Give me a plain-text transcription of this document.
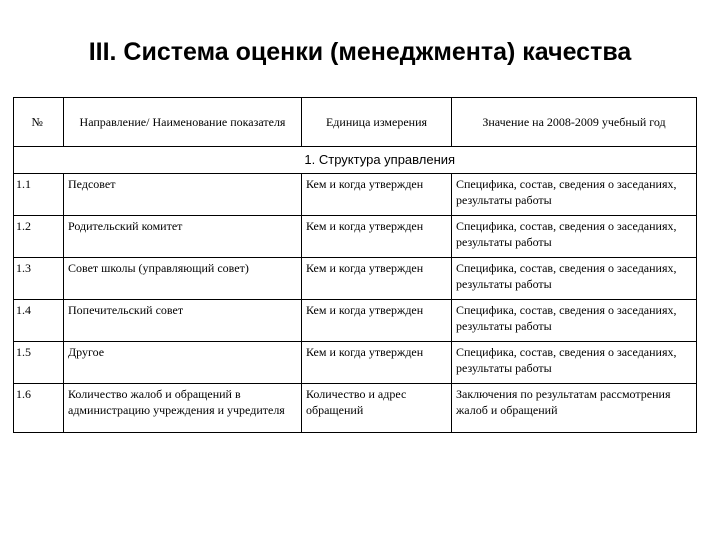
III. Система оценки (менеджмента) качества
№	Направление/ Наименование показателя	Единица измерения	Значение на 2008-2009 учебный год
	1. Структура управления		
1.1	Педсовет	Кем и когда утвержден	Специфика, состав, сведения о заседаниях, результаты работы
1.2	Родительский комитет	Кем и когда утвержден	Специфика, состав, сведения о заседаниях, результаты работы
1.3	Совет школы (управляющий совет)	Кем и когда утвержден	Специфика, состав, сведения о заседаниях, результаты работы
1.4	Попечительский совет	Кем и когда утвержден	Специфика, состав, сведения о заседаниях, результаты работы
1.5	Другое	Кем и когда утвержден	Специфика, состав, сведения о заседаниях, результаты работы
1.6	Количество жалоб и обращений в администрацию учреждения и учредителя	Количество и адрес обращений	Заключения по результатам рассмотрения жалоб и обращений
